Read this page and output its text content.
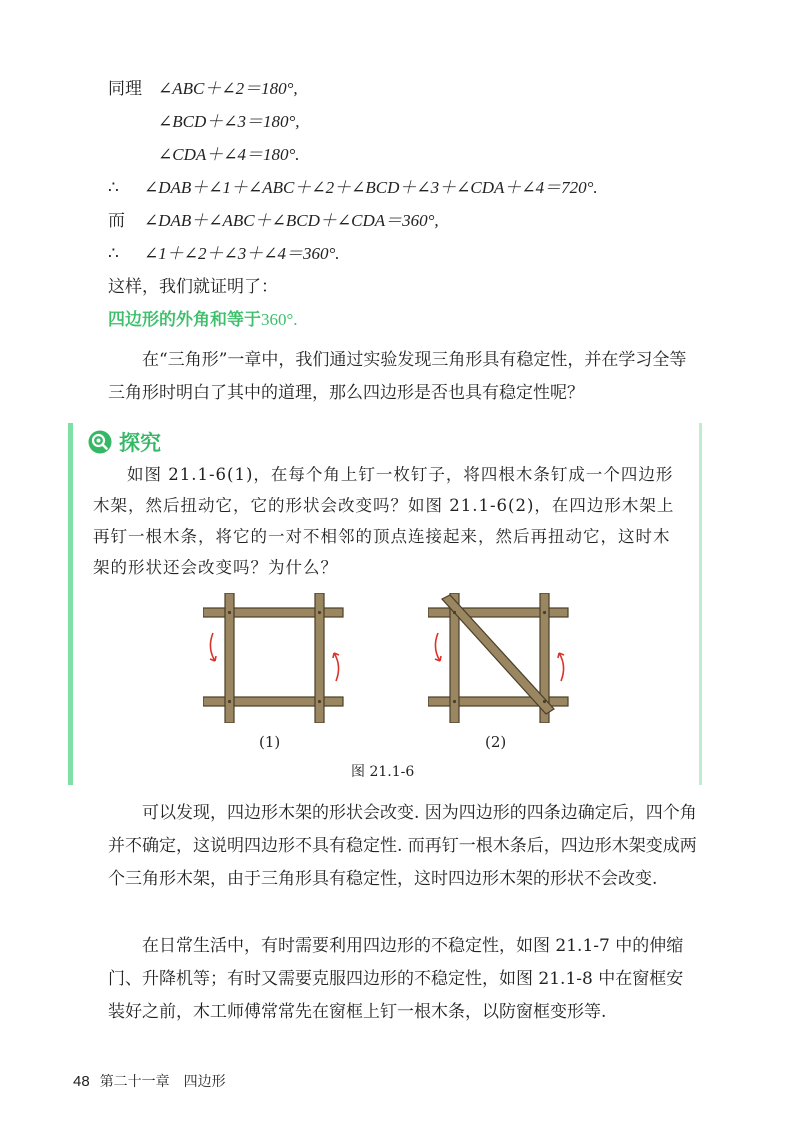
同理 ∠ABC＋∠2＝180°,
∠BCD＋∠3＝180°,
∠CDA＋∠4＝180°.
∴ ∠DAB＋∠1＋∠ABC＋∠2＋∠BCD＋∠3＋∠CDA＋∠4＝720°.
而 ∠DAB＋∠ABC＋∠BCD＋∠CDA＝360°,
∴ ∠1＋∠2＋∠3＋∠4＝360°.
这样，我们就证明了：
四边形的外角和等于360°.
在“三角形”一章中，我们通过实验发现三角形具有稳定性，并在学习全等三角形时明白了其中的道理，那么四边形是否也具有稳定性呢？
探究
如图 21.1-6(1)，在每个角上钉一枚钉子，将四根木条钉成一个四边形木架，然后扭动它，它的形状会改变吗？如图 21.1-6(2)，在四边形木架上再钉一根木条，将它的一对不相邻的顶点连接起来，然后再扭动它，这时木架的形状还会改变吗？为什么？
(1)	(2)
图 21.1-6
可以发现，四边形木架的形状会改变. 因为四边形的四条边确定后，四个角并不确定，这说明四边形不具有稳定性. 而再钉一根木条后，四边形木架变成两个三角形木架，由于三角形具有稳定性，这时四边形木架的形状不会改变.
在日常生活中，有时需要利用四边形的不稳定性，如图 21.1-7 中的伸缩门、升降机等；有时又需要克服四边形的不稳定性，如图 21.1-8 中在窗框安装好之前，木工师傅常常先在窗框上钉一根木条，以防窗框变形等.
48 第二十一章　四边形
